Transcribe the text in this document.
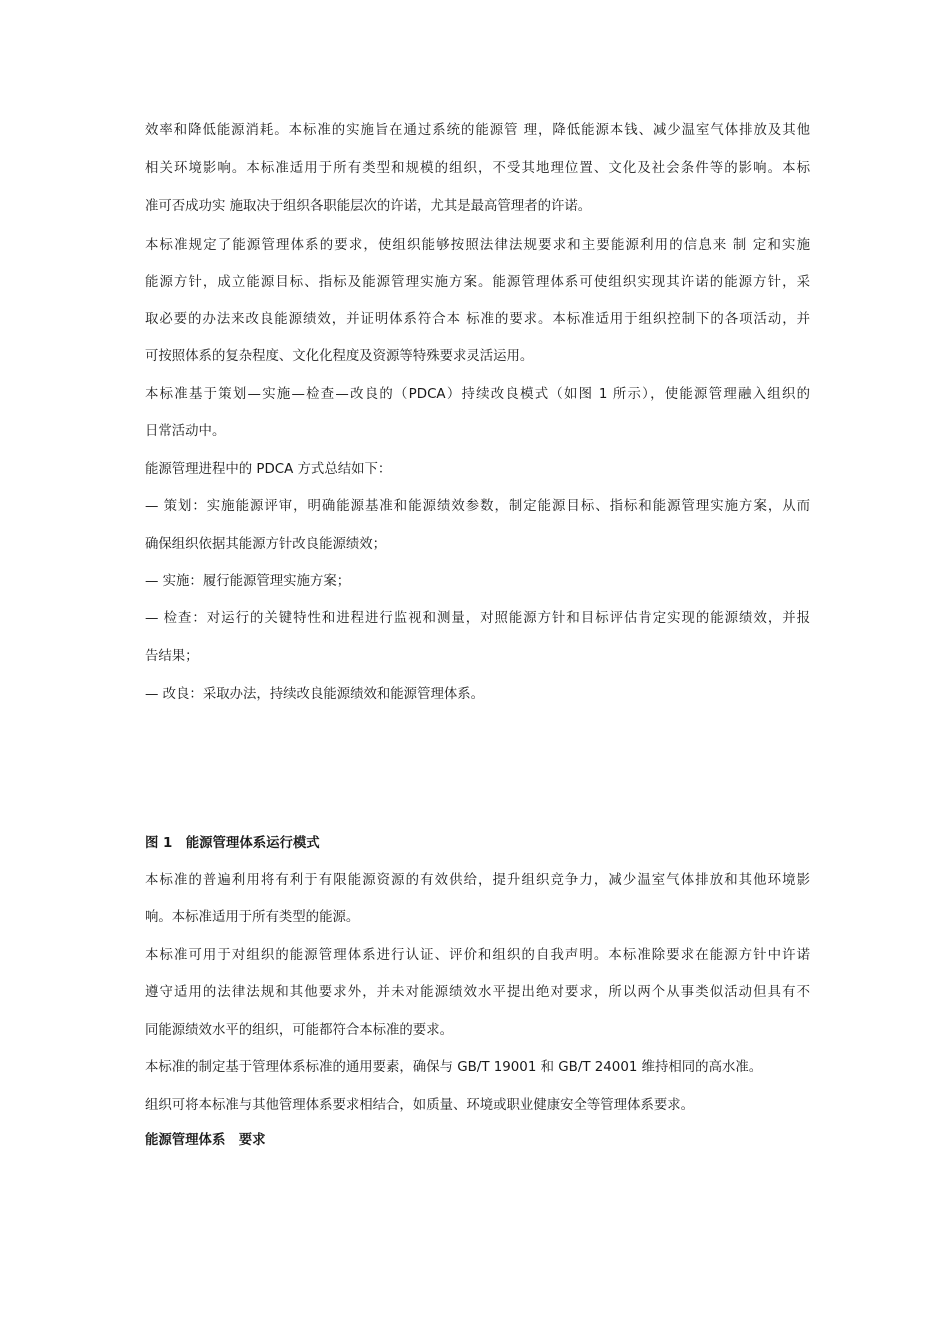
效率和降低能源消耗。本标准的实施旨在通过系统的能源管 理，降低能源本钱、减少温室气体排放及其他
相关环境影响。本标准适用于所有类型和规模的组织，不受其地理位置、文化及社会条件等的影响。本标
准可否成功实 施取决于组织各职能层次的许诺，尤其是最高管理者的许诺。
本标准规定了能源管理体系的要求，使组织能够按照法律法规要求和主要能源利用的信息来 制 定和实施
能源方针，成立能源目标、指标及能源管理实施方案。能源管理体系可使组织实现其许诺的能源方针，采
取必要的办法来改良能源绩效，并证明体系符合本 标准的要求。本标准适用于组织控制下的各项活动，并
可按照体系的复杂程度、文化化程度及资源等特殊要求灵活运用。
本标准基于策划—实施—检查—改良的（PDCA）持续改良模式（如图 1 所示），使能源管理融入组织的
日常活动中。
能源管理进程中的 PDCA 方式总结如下：
— 策划：实施能源评审，明确能源基准和能源绩效参数，制定能源目标、指标和能源管理实施方案，从而
确保组织依据其能源方针改良能源绩效；
— 实施：履行能源管理实施方案；
— 检查：对运行的关键特性和进程进行监视和测量，对照能源方针和目标评估肯定实现的能源绩效，并报
告结果；
— 改良：采取办法，持续改良能源绩效和能源管理体系。
图 1　能源管理体系运行模式
本标准的普遍利用将有利于有限能源资源的有效供给，提升组织竞争力，减少温室气体排放和其他环境影
响。本标准适用于所有类型的能源。
本标准可用于对组织的能源管理体系进行认证、评价和组织的自我声明。本标准除要求在能源方针中许诺
遵守适用的法律法规和其他要求外，并未对能源绩效水平提出绝对要求，所以两个从事类似活动但具有不
同能源绩效水平的组织，可能都符合本标准的要求。
本标准的制定基于管理体系标准的通用要素，确保与 GB/T 19001 和 GB/T 24001 维持相同的高水准。
组织可将本标准与其他管理体系要求相结合，如质量、环境或职业健康安全等管理体系要求。
能源管理体系　要求
